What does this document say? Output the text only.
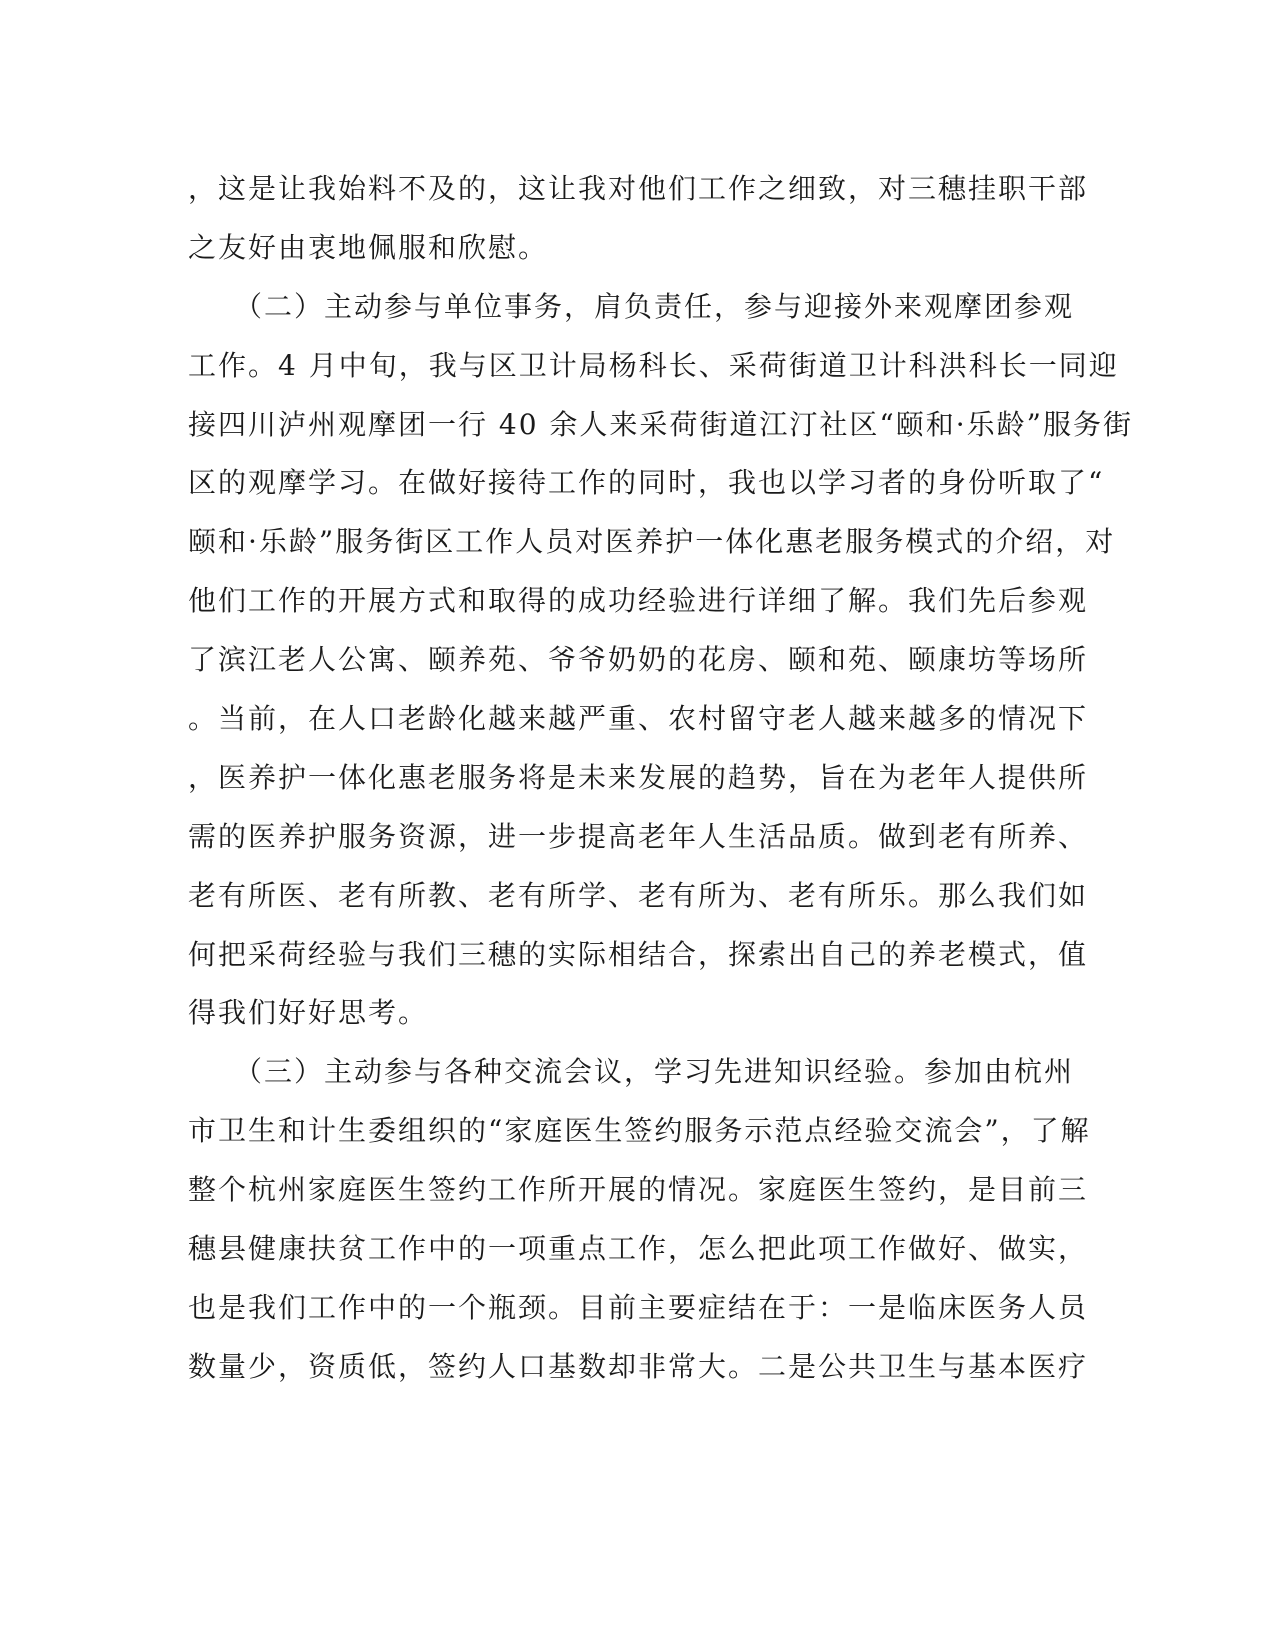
，这是让我始料不及的，这让我对他们工作之细致，对三穗挂职干部
之友好由衷地佩服和欣慰。
　　（二）主动参与单位事务，肩负责任，参与迎接外来观摩团参观
工作。4 月中旬，我与区卫计局杨科长、采荷街道卫计科洪科长一同迎
接四川泸州观摩团一行 40 余人来采荷街道江汀社区“颐和·乐龄”服务街
区的观摩学习。在做好接待工作的同时，我也以学习者的身份听取了“
颐和·乐龄”服务街区工作人员对医养护一体化惠老服务模式的介绍，对
他们工作的开展方式和取得的成功经验进行详细了解。我们先后参观
了滨江老人公寓、颐养苑、爷爷奶奶的花房、颐和苑、颐康坊等场所
。当前，在人口老龄化越来越严重、农村留守老人越来越多的情况下
，医养护一体化惠老服务将是未来发展的趋势，旨在为老年人提供所
需的医养护服务资源，进一步提高老年人生活品质。做到老有所养、
老有所医、老有所教、老有所学、老有所为、老有所乐。那么我们如
何把采荷经验与我们三穗的实际相结合，探索出自己的养老模式，值
得我们好好思考。
　　（三）主动参与各种交流会议，学习先进知识经验。参加由杭州
市卫生和计生委组织的“家庭医生签约服务示范点经验交流会”，了解
整个杭州家庭医生签约工作所开展的情况。家庭医生签约，是目前三
穗县健康扶贫工作中的一项重点工作，怎么把此项工作做好、做实，
也是我们工作中的一个瓶颈。目前主要症结在于：一是临床医务人员
数量少，资质低，签约人口基数却非常大。二是公共卫生与基本医疗
